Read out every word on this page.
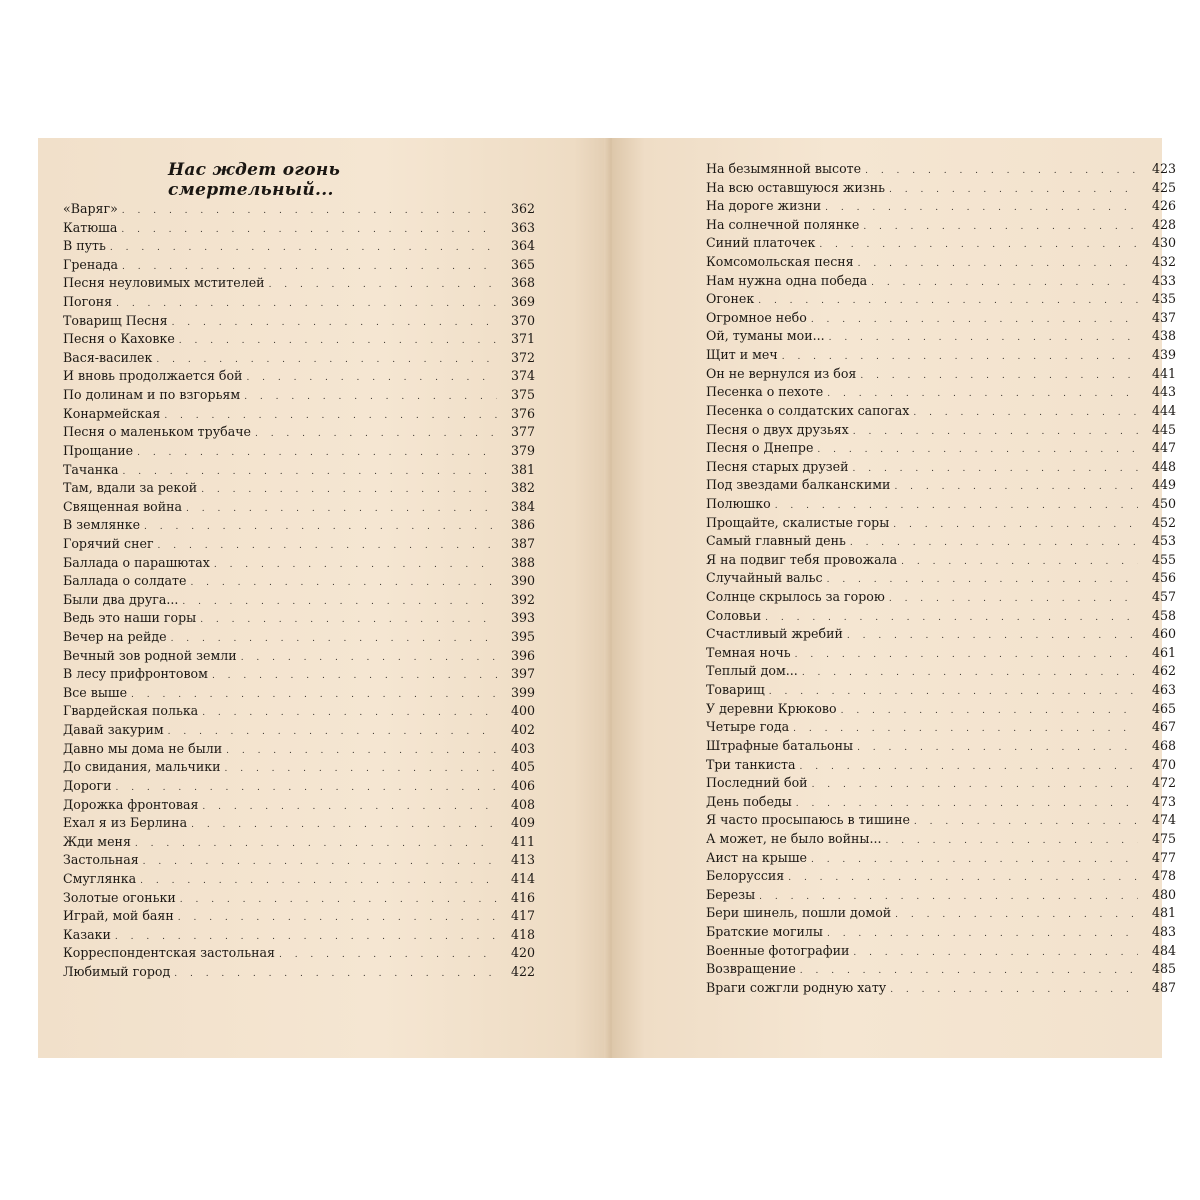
Нас ждет огонь смертельный...
«Варяг» . . .	362
Катюша . . .	363
В путь . . .	364
Гренада . . .	365
Песня неуловимых мстителей . . .	368
Погоня . . .	369
Товарищ Песня . . .	370
Песня о Каховке . . .	371
Вася-василек . . .	372
И вновь продолжается бой . . .	374
По долинам и по взгорьям . . .	375
Конармейская . . .	376
Песня о маленьком трубаче . . .	377
Прощание . . .	379
Тачанка . . .	381
Там, вдали за рекой . . .	382
Священная война . . .	384
В землянке . . .	386
Горячий снег . . .	387
Баллада о парашютах . . .	388
Баллада о солдате . . .	390
Были два друга... . . .	392
Ведь это наши горы . . .	393
Вечер на рейде . . .	395
Вечный зов родной земли . . .	396
В лесу прифронтовом . . .	397
Все выше . . .	399
Гвардейская полька . . .	400
Давай закурим . . .	402
Давно мы дома не были . . .	403
До свидания, мальчики . . .	405
Дороги . . .	406
Дорожка фронтовая . . .	408
Ехал я из Берлина . . .	409
Жди меня . . .	411
Застольная . . .	413
Смуглянка . . .	414
Золотые огоньки . . .	416
Играй, мой баян . . .	417
Казаки . . .	418
Корреспондентская застольная . . .	420
Любимый город . . .	422
На безымянной высоте . . .	423
На всю оставшуюся жизнь . . .	425
На дороге жизни . . .	426
На солнечной полянке . . .	428
Синий платочек . . .	430
Комсомольская песня . . .	432
Нам нужна одна победа . . .	433
Огонек . . .	435
Огромное небо . . .	437
Ой, туманы мои... . . .	438
Щит и меч . . .	439
Он не вернулся из боя . . .	441
Песенка о пехоте . . .	443
Песенка о солдатских сапогах . . .	444
Песня о двух друзьях . . .	445
Песня о Днепре . . .	447
Песня старых друзей . . .	448
Под звездами балканскими . . .	449
Полюшко . . .	450
Прощайте, скалистые горы . . .	452
Самый главный день . . .	453
Я на подвиг тебя провожала . . .	455
Случайный вальс . . .	456
Солнце скрылось за горою . . .	457
Соловьи . . .	458
Счастливый жребий . . .	460
Темная ночь . . .	461
Теплый дом... . . .	462
Товарищ . . .	463
У деревни Крюково . . .	465
Четыре года . . .	467
Штрафные батальоны . . .	468
Три танкиста . . .	470
Последний бой . . .	472
День победы . . .	473
Я часто просыпаюсь в тишине . . .	474
А может, не было войны... . . .	475
Аист на крыше . . .	477
Белоруссия . . .	478
Березы . . .	480
Бери шинель, пошли домой . . .	481
Братские могилы . . .	483
Военные фотографии . . .	484
Возвращение . . .	485
Враги сожгли родную хату . . .	487
